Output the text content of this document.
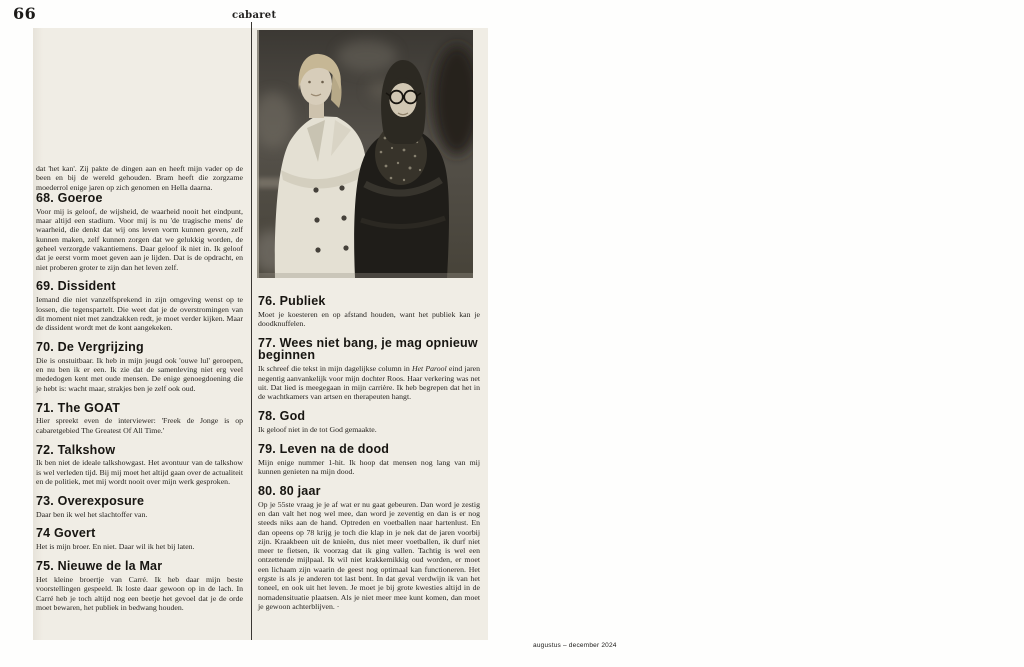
66	cabaret

dat 'het kan'. Zij pakte de dingen aan en heeft mijn vader op de been en bij de wereld gehouden. Bram heeft die zorgzame moederrol enige jaren op zich genomen en Hella daarna.

68. Goeroe

Voor mij is geloof, de wijsheid, de waarheid nooit het eindpunt, maar altijd een stadium. Voor mij is nu 'de tragische mens' de waarheid, die denkt dat wij ons leven vorm kunnen geven, zelf kunnen maken, zelf kunnen zorgen dat we gelukkig worden, de geheel verzorgde vakantiemens. Daar geloof ik niet in. Ik geloof dat je eerst vorm moet geven aan je lijden. Dat is de opdracht, en niet proberen groter te zijn dan het leven zelf.

69. Dissident

Iemand die niet vanzelfsprekend in zijn omgeving wenst op te lossen, die tegenspartelt. Die weet dat je de overstromingen van dit moment niet met zandzakken redt, je moet verder kijken. Maar de dissident wordt met de kont aangekeken.

70. De Vergrijzing

Die is onstuitbaar. Ik heb in mijn jeugd ook 'ouwe lul' geroepen, en nu ben ik er een. Ik zie dat de samenleving niet erg veel mededogen kent met oude mensen. De enige genoegdoening die je hebt is: wacht maar, strakjes ben je zelf ook oud.

71. The GOAT

Hier spreekt even de interviewer: 'Freek de Jonge is op cabaretgebied The Greatest Of All Time.'

72. Talkshow

Ik ben niet de ideale talkshowgast. Het avontuur van de talkshow is wel verleden tijd. Bij mij moet het altijd gaan over de actualiteit en de politiek, met mij wordt nooit over mijn werk gesproken.

73. Overexposure

Daar ben ik wel het slachtoffer van.

74 Govert

Het is mijn broer. En niet. Daar wil ik het bij laten.

75. Nieuwe de la Mar

Het kleine broertje van Carré. Ik heb daar mijn beste voorstellingen gespeeld. Ik loste daar gewoon op in de lach. In Carré heb je toch altijd nog een beetje het gevoel dat je de orde moet bewaren, het publiek in bedwang houden.

76. Publiek

Moet je koesteren en op afstand houden, want het publiek kan je doodknuffelen.

77. Wees niet bang, je mag opnieuw beginnen

Ik schreef die tekst in mijn dagelijkse column in Het Parool eind jaren negentig aanvankelijk voor mijn dochter Roos. Haar verkering was net uit. Dat lied is meegegaan in mijn carrière. Ik heb begrepen dat het in de wachtkamers van artsen en therapeuten hangt.

78. God

Ik geloof niet in de tot God gemaakte.

79. Leven na de dood

Mijn enige nummer 1-hit. Ik hoop dat mensen nog lang van mij kunnen genieten na mijn dood.

80. 80 jaar

Op je 55ste vraag je je af wat er nu gaat gebeuren. Dan word je zestig en dan valt het nog wel mee, dan word je zeventig en dan is er nog steeds niks aan de hand. Optreden en voetballen naar hartenlust. En dan opeens op 78 krijg je toch die klap in je nek dat de jaren voorbij zijn. Kraakbeen uit de knieën, dus niet meer voetballen, ik durf niet meer te fietsen, ik voorzag dat ik ging vallen. Tachtig is wel een ontzettende mijlpaal. Ik wil niet krakkemikkig oud worden, er moet een lichaam zijn waarin de geest nog optimaal kan functioneren. Het ergste is als je anderen tot last bent. In dat geval verdwijn ik van het toneel, en ook uit het leven. Je moet je bij grote kwesties altijd in de nomadensituatie plaatsen. Als je niet meer mee kunt komen, dan moet je gewoon achterblijven. ·

augustus – december 2024
